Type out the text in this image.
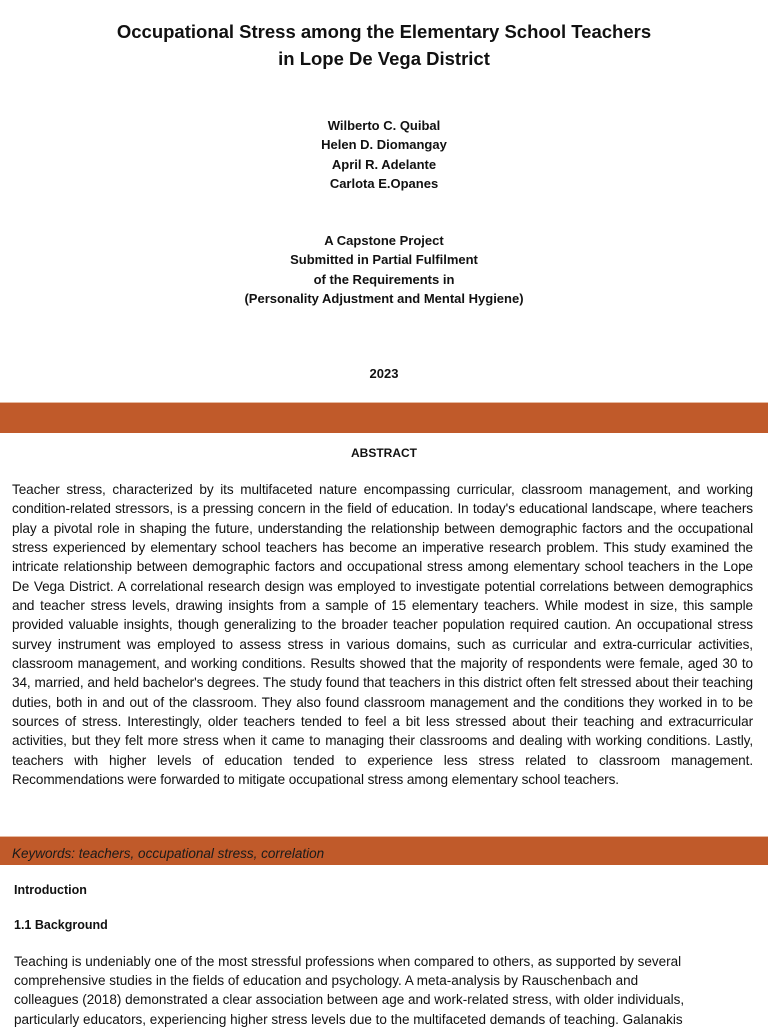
Occupational Stress among the Elementary School Teachers
in Lope De Vega District
Wilberto C. Quibal
Helen D. Diomangay
April R. Adelante
Carlota E.Opanes
A Capstone Project
Submitted in Partial Fulfilment
of the Requirements in
(Personality Adjustment and Mental Hygiene)
2023
ABSTRACT
Teacher stress, characterized by its multifaceted nature encompassing curricular, classroom management, and working condition-related stressors, is a pressing concern in the field of education. In today's educational landscape, where teachers play a pivotal role in shaping the future, understanding the relationship between demographic factors and the occupational stress experienced by elementary school teachers has become an imperative research problem. This study examined the intricate relationship between demographic factors and occupational stress among elementary school teachers in the Lope De Vega District. A correlational research design was employed to investigate potential correlations between demographics and teacher stress levels, drawing insights from a sample of 15 elementary teachers. While modest in size, this sample provided valuable insights, though generalizing to the broader teacher population required caution. An occupational stress survey instrument was employed to assess stress in various domains, such as curricular and extra-curricular activities, classroom management, and working conditions. Results showed that the majority of respondents were female, aged 30 to 34, married, and held bachelor's degrees. The study found that teachers in this district often felt stressed about their teaching duties, both in and out of the classroom. They also found classroom management and the conditions they worked in to be sources of stress. Interestingly, older teachers tended to feel a bit less stressed about their teaching and extracurricular activities, but they felt more stress when it came to managing their classrooms and dealing with working conditions. Lastly, teachers with higher levels of education tended to experience less stress related to classroom management. Recommendations were forwarded to mitigate occupational stress among elementary school teachers.
Keywords: teachers, occupational stress, correlation
Introduction
1.1 Background
Teaching is undeniably one of the most stressful professions when compared to others, as supported by several
comprehensive studies in the fields of education and psychology. A meta-analysis by Rauschenbach and
colleagues (2018) demonstrated a clear association between age and work-related stress, with older individuals,
particularly educators, experiencing higher stress levels due to the multifaceted demands of teaching. Galanakis
